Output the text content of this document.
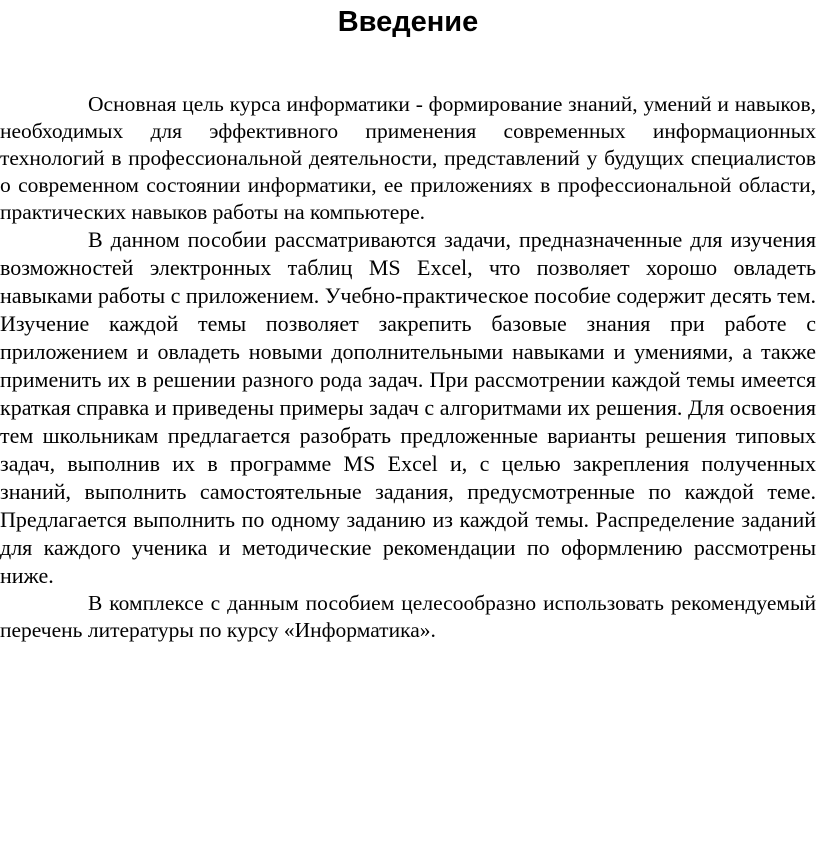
Введение

Основная цель курса информатики - формирование знаний, умений и навыков, необходимых для эффективного применения современных информационных технологий в профессиональной деятельности, представлений у будущих специалистов о современном состоянии информатики, ее приложениях в профессиональной области, практических навыков работы на компьютере.

В данном пособии рассматриваются задачи, предназначенные для изучения возможностей электронных таблиц MS Excel, что позволяет хорошо овладеть навыками работы с приложением. Учебно-практическое пособие содержит десять тем. Изучение каждой темы позволяет закрепить базовые знания при работе с приложением и овладеть новыми дополнительными навыками и умениями, а также применить их в решении разного рода задач. При рассмотрении каждой темы имеется краткая справка и приведены примеры задач с алгоритмами их решения. Для освоения тем школьникам предлагается разобрать предложенные варианты решения типовых задач, выполнив их в программе MS Excel и, с целью закрепления полученных знаний, выполнить самостоятельные задания, предусмотренные по каждой теме. Предлагается выполнить по одному заданию из каждой темы. Распределение заданий для каждого ученика и методические рекомендации по оформлению рассмотрены ниже.

В комплексе с данным пособием целесообразно использовать рекомендуемый перечень литературы по курсу «Информатика».
